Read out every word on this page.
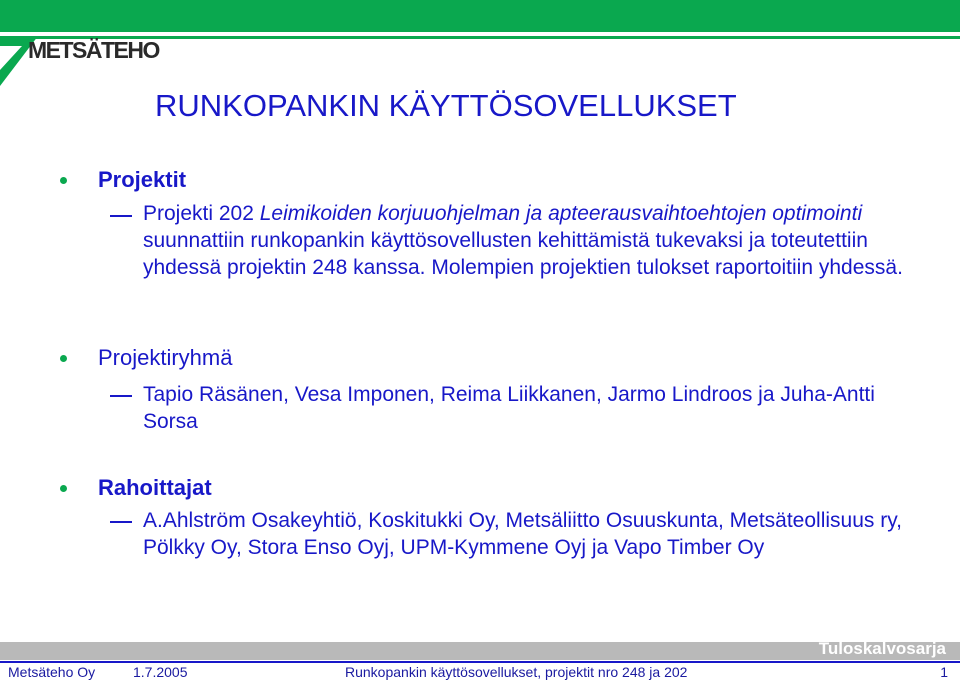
METSÄTEHO
RUNKOPANKIN KÄYTTÖSOVELLUKSET
Projektit
Projekti 202 Leimikoiden korjuuohjelman ja apteerausvaihtoehtojen optimointi suunnattiin runkopankin käyttösovellusten kehittämistä tukevaksi ja toteutettiin yhdessä projektin 248 kanssa. Molempien projektien tulokset raportoitiin yhdessä.
Projektiryhmä
Tapio Räsänen, Vesa Imponen, Reima Liikkanen, Jarmo Lindroos ja Juha-Antti Sorsa
Rahoittajat
A.Ahlström Osakeyhtiö, Koskitukki Oy, Metsäliitto Osuuskunta, Metsäteollisuus ry, Pölkky Oy, Stora Enso Oyj, UPM-Kymmene Oyj ja Vapo Timber Oy
Tuloskalvosarja
Metsäteho Oy	1.7.2005	Runkopankin käyttösovellukset, projektit nro 248 ja 202	1
